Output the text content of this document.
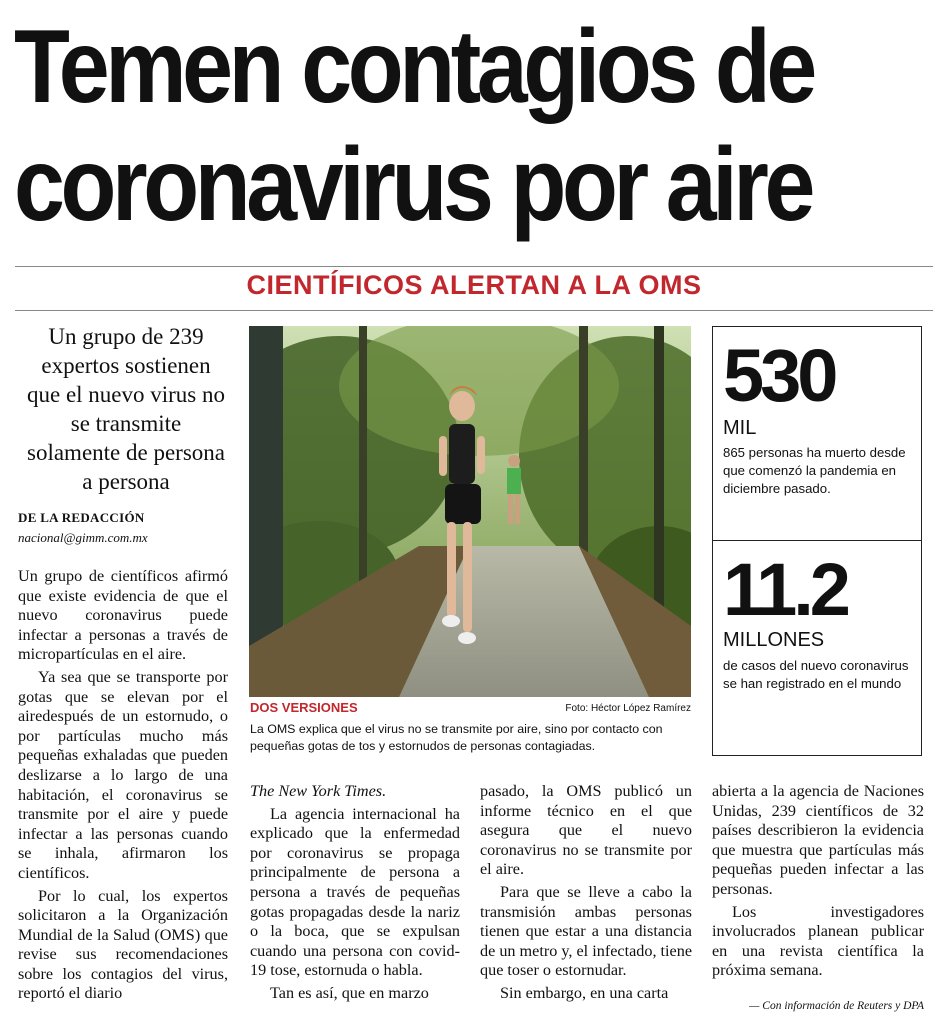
Temen contagios de
coronavirus por aire
CIENTÍFICOS ALERTAN A LA OMS
Un grupo de 239 expertos sostienen que el nuevo virus no se transmite solamente de persona a persona
DE LA REDACCIÓN
nacional@gimm.com.mx

Un grupo de científicos afirmó que existe evidencia de que el nuevo coronavirus puede infectar a personas a través de micropartículas en el aire.

Ya sea que se transporte por gotas que se elevan por el airedespués de un estornudo, o por partículas mucho más pequeñas exhaladas que pueden deslizarse a lo largo de una habitación, el coronavirus se transmite por el aire y puede infectar a las personas cuando se inhala, afirmaron los científicos.

Por lo cual, los expertos solicitaron a la Organización Mundial de la Salud (OMS) que revise sus recomendaciones sobre los contagios del virus, reportó el diario

DOS VERSIONES	Foto: Héctor López Ramírez
La OMS explica que el virus no se transmite por aire, sino por contacto con pequeñas gotas de tos y estornudos de personas contagiadas.
530
MIL
865 personas ha muerto desde que comenzó la pandemia en diciembre pasado.
11.2
MILLONES
de casos del nuevo coronavirus se han registrado en el mundo

The New York Times.

La agencia internacional ha explicado que la enfermedad por coronavirus se propaga principalmente de persona a persona a través de pequeñas gotas propagadas desde la nariz o la boca, que se expulsan cuando una persona con covid-19 tose, estornuda o habla.

Tan es así, que en marzo

pasado, la OMS publicó un informe técnico en el que asegura que el nuevo coronavirus no se transmite por el aire.

Para que se lleve a cabo la transmisión ambas personas tienen que estar a una distancia de un metro y, el infectado, tiene que toser o estornudar.

Sin embargo, en una carta

abierta a la agencia de Naciones Unidas, 239 científicos de 32 países describieron la evidencia que muestra que partículas más pequeñas pueden infectar a las personas.

Los investigadores involucrados planean publicar en una revista científica la próxima semana.

— Con información de Reuters y DPA
